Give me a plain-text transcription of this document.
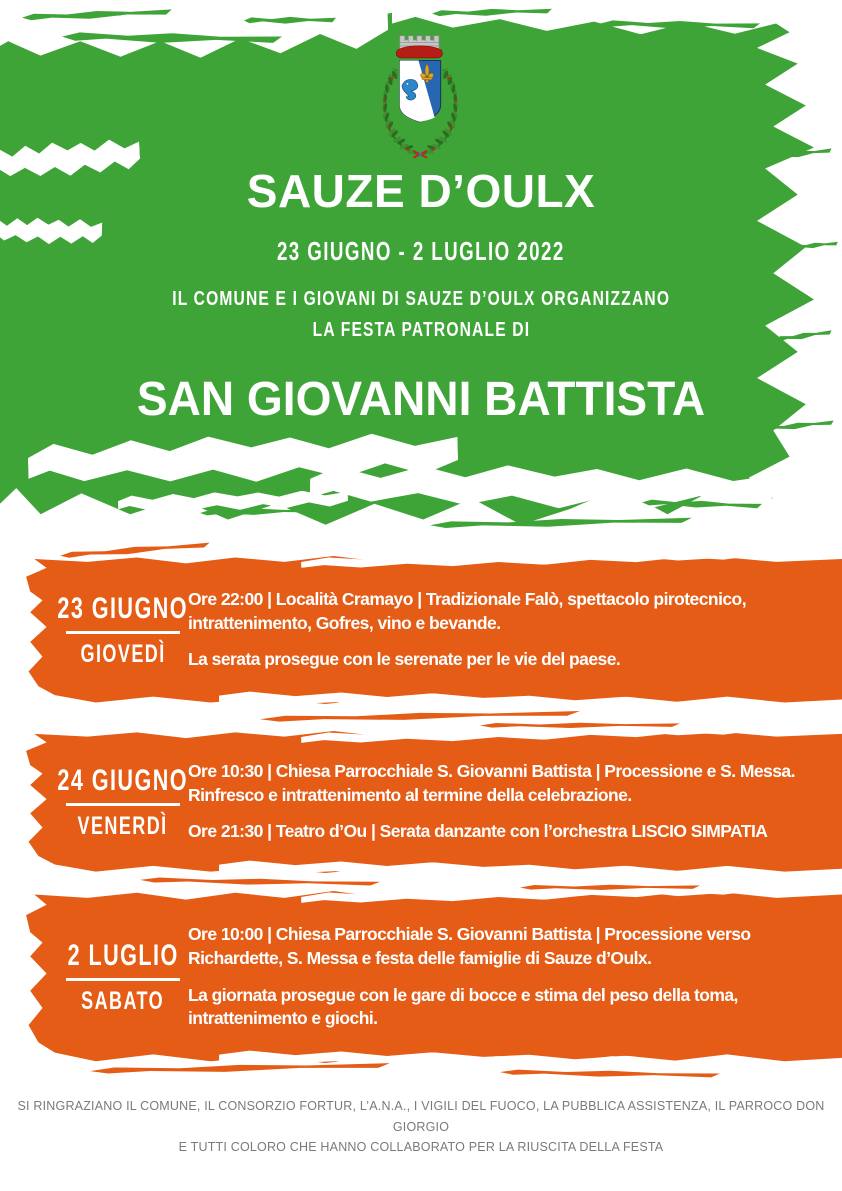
SAUZE D’OULX
23 GIUGNO - 2 LUGLIO 2022
IL COMUNE E I GIOVANI DI SAUZE D’OULX ORGANIZZANO
LA FESTA PATRONALE DI
SAN GIOVANNI BATTISTA
23 GIUGNO
GIOVEDÌ

Ore 22:00 | Località Cramayo | Tradizionale Falò, spettacolo pirotecnico, intrattenimento, Gofres, vino e bevande.

La serata prosegue con le serenate per le vie del paese.

24 GIUGNO
VENERDÌ

Ore 10:30 | Chiesa Parrocchiale S. Giovanni Battista | Processione e S. Messa. Rinfresco e intrattenimento al termine della celebrazione.

Ore 21:30 | Teatro d’Ou | Serata danzante con l’orchestra LISCIO SIMPATIA

2 LUGLIO
SABATO

Ore 10:00 | Chiesa Parrocchiale S. Giovanni Battista | Processione verso Richardette, S. Messa e festa delle famiglie di Sauze d’Oulx.

La giornata prosegue con le gare di bocce e stima del peso della toma, intrattenimento e giochi.

SI RINGRAZIANO IL COMUNE, IL CONSORZIO FORTUR, L’A.N.A., I VIGILI DEL FUOCO, LA PUBBLICA ASSISTENZA, IL PARROCO DON GIORGIO
E TUTTI COLORO CHE HANNO COLLABORATO PER LA RIUSCITA DELLA FESTA
